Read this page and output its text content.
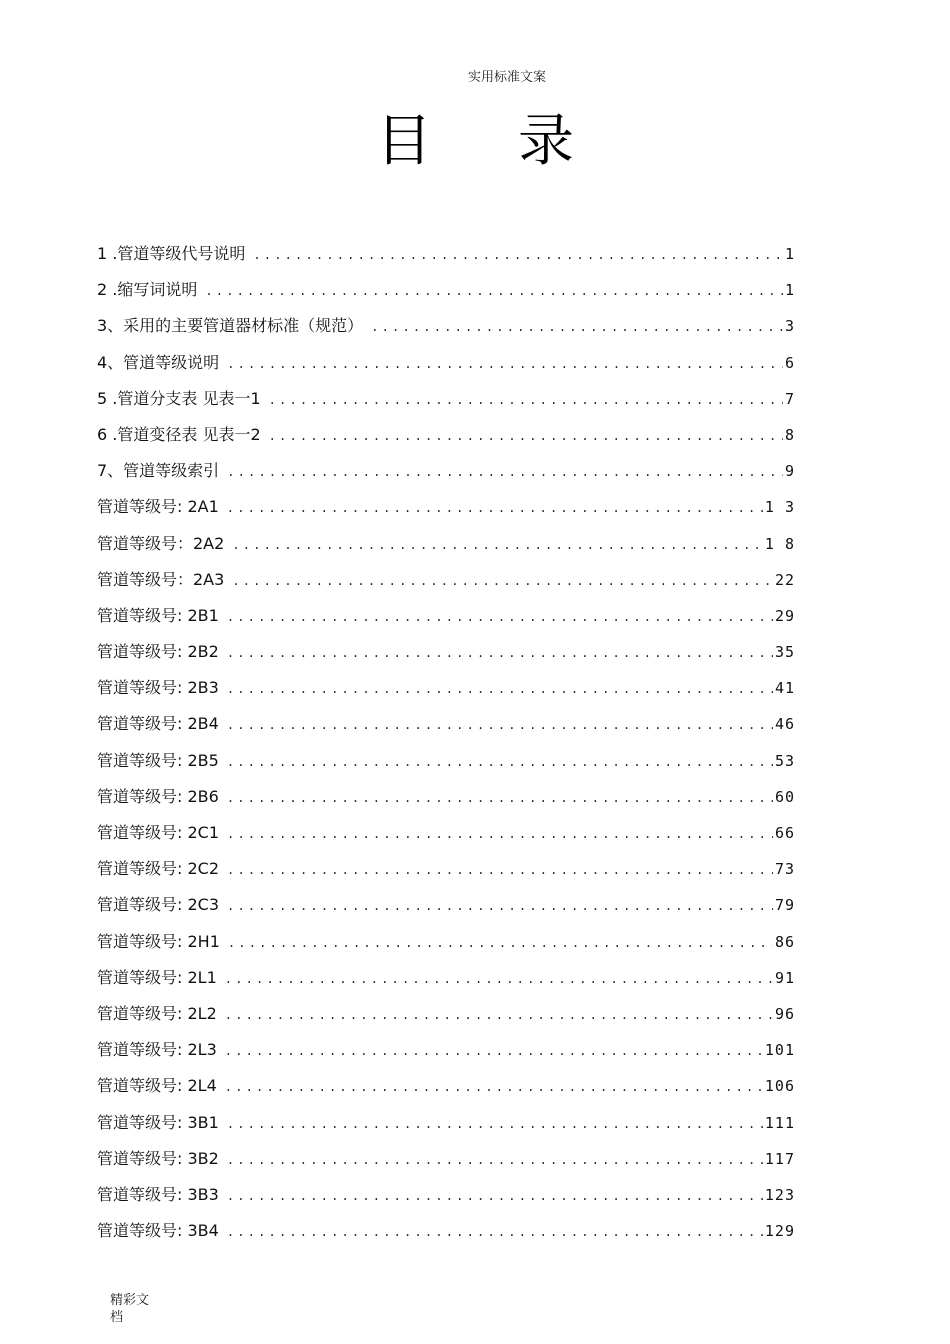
实用标准文案
目 录
1 .管道等级代号说明 .....	1
2 .缩写词说明 .....	1
3、采用的主要管道器材标准（规范） .....	3
4、管道等级说明 .....	6
5 .管道分支表 见表一1 .....	7
6 .管道变径表 见表一2 .....	8
7、管道等级索引 .....	9
管道等级号: 2A1 .....	1 3
管道等级号：2A2 .....	1 8
管道等级号：2A3 .....	22
管道等级号: 2B1 .....	29
管道等级号: 2B2 .....	35
管道等级号: 2B3 .....	41
管道等级号: 2B4 .....	46
管道等级号: 2B5 .....	53
管道等级号: 2B6 .....	60
管道等级号: 2C1 .....	66
管道等级号: 2C2 .....	73
管道等级号: 2C3 .....	79
管道等级号: 2H1 .....	86
管道等级号: 2L1 .....	91
管道等级号: 2L2 .....	96
管道等级号: 2L3 .....	101
管道等级号: 2L4 .....	106
管道等级号: 3B1 .....	111
管道等级号: 3B2 .....	117
管道等级号: 3B3 .....	123
管道等级号: 3B4 .....	129
精彩文档
